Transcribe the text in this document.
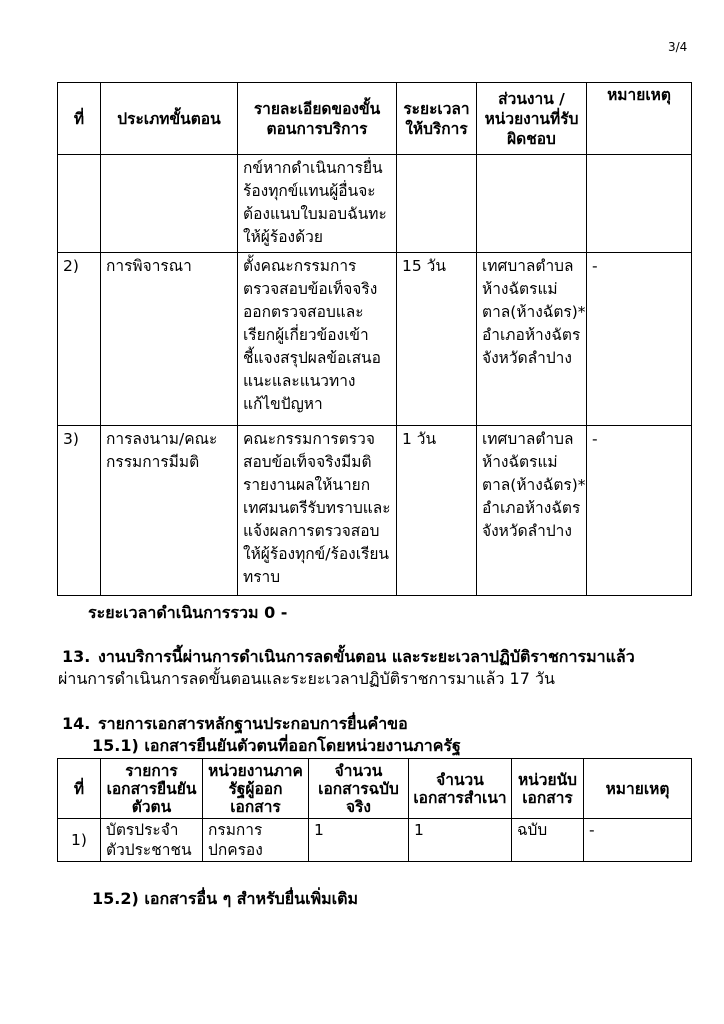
3/4
ที่	ประเภทขั้นตอน	รายละเอียดของขั้นตอนการบริการ	ระยะเวลาให้บริการ	ส่วนงาน / หน่วยงานที่รับผิดชอบ	หมายเหตุ
		กข์หากดำเนินการยื่นร้องทุกข์แทนผู้อื่นจะต้องแนบใบมอบฉันทะให้ผู้ร้องด้วย			
2)	การพิจารณา	ตั้งคณะกรรมการตรวจสอบข้อเท็จจริงออกตรวจสอบและเรียกผู้เกี่ยวข้องเข้าชี้แจงสรุปผลข้อเสนอแนะและแนวทางแก้ไขปัญหา	15 วัน	เทศบาลตำบลห้างฉัตรแม่ตาล(ห้างฉัตร)* อำเภอห้างฉัตรจังหวัดลำปาง	-
3)	การลงนาม/คณะกรรมการมีมติ	คณะกรรมการตรวจสอบข้อเท็จจริงมีมติรายงานผลให้นายกเทศมนตรีรับทราบและแจ้งผลการตรวจสอบให้ผู้ร้องทุกข์/ร้องเรียนทราบ	1 วัน	เทศบาลตำบลห้างฉัตรแม่ตาล(ห้างฉัตร)* อำเภอห้างฉัตรจังหวัดลำปาง	-
ระยะเวลาดำเนินการรวม 0 -
13. งานบริการนี้ผ่านการดำเนินการลดขั้นตอน และระยะเวลาปฏิบัติราชการมาแล้ว
ผ่านการดำเนินการลดขั้นตอนและระยะเวลาปฏิบัติราชการมาแล้ว 17 วัน
14. รายการเอกสารหลักฐานประกอบการยื่นคำขอ
15.1) เอกสารยืนยันตัวตนที่ออกโดยหน่วยงานภาครัฐ
ที่	รายการเอกสารยืนยันตัวตน	หน่วยงานภาครัฐผู้ออกเอกสาร	จำนวนเอกสารฉบับจริง	จำนวนเอกสารสำเนา	หน่วยนับเอกสาร	หมายเหตุ
1)	บัตรประจำตัวประชาชน	กรมการปกครอง	1	1	ฉบับ	-
15.2) เอกสารอื่น ๆ สำหรับยื่นเพิ่มเติม
